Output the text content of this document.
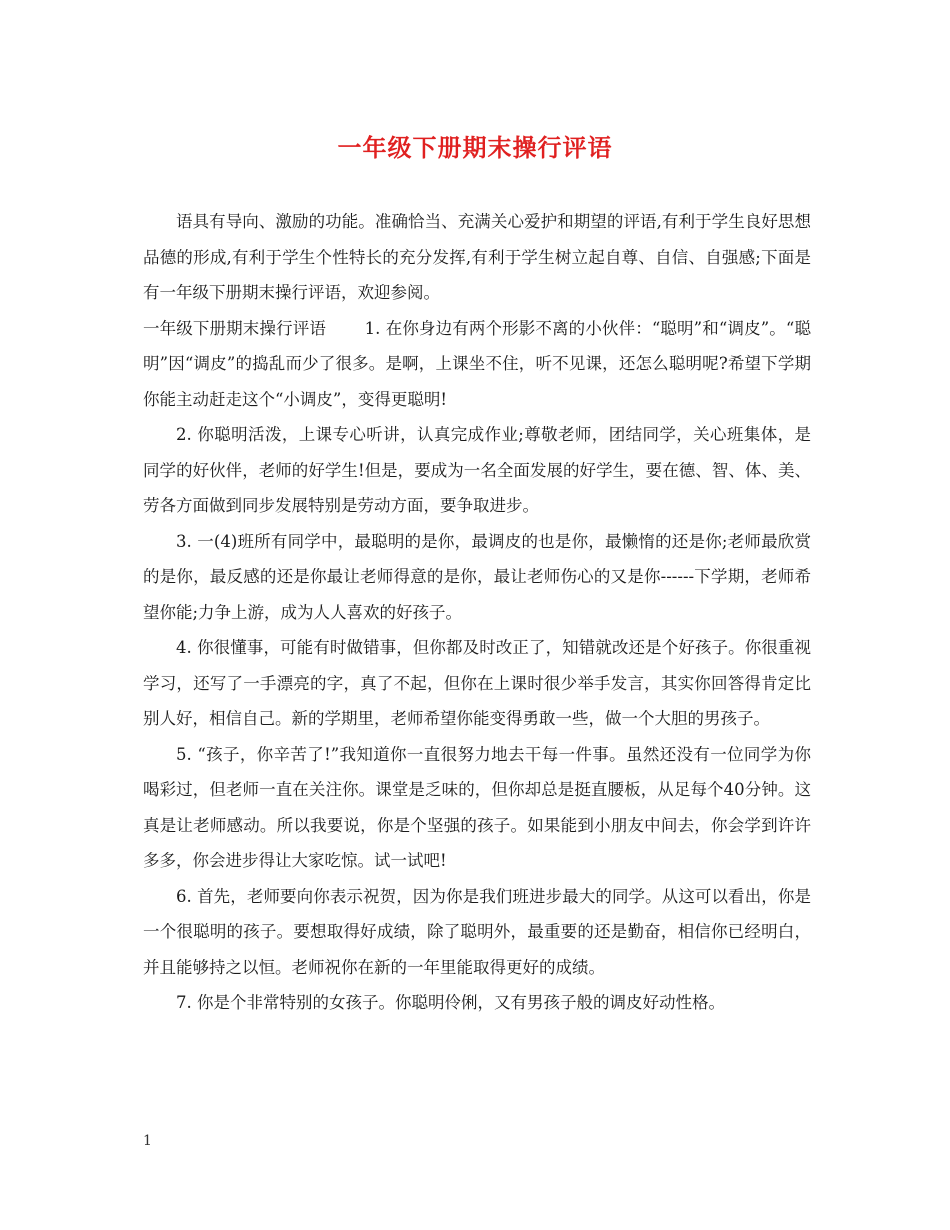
一年级下册期末操行评语

语具有导向、激励的功能。准确恰当、充满关心爱护和期望的评语,有利于学生良好思想品德的形成,有利于学生个性特长的充分发挥,有利于学生树立起自尊、自信、自强感;下面是有一年级下册期末操行评语，欢迎参阅。

一年级下册期末操行评语　　 1. 在你身边有两个形影不离的小伙伴：“聪明”和“调皮”。“聪明”因“调皮”的捣乱而少了很多。是啊，上课坐不住，听不见课，还怎么聪明呢?希望下学期你能主动赶走这个“小调皮”，变得更聪明!

2. 你聪明活泼，上课专心听讲，认真完成作业;尊敬老师，团结同学，关心班集体，是同学的好伙伴，老师的好学生!但是，要成为一名全面发展的好学生，要在德、智、体、美、劳各方面做到同步发展特别是劳动方面，要争取进步。

3. 一(4)班所有同学中，最聪明的是你，最调皮的也是你，最懒惰的还是你;老师最欣赏的是你，最反感的还是你最让老师得意的是你，最让老师伤心的又是你------下学期，老师希望你能;力争上游，成为人人喜欢的好孩子。

4. 你很懂事，可能有时做错事，但你都及时改正了，知错就改还是个好孩子。你很重视学习，还写了一手漂亮的字，真了不起，但你在上课时很少举手发言，其实你回答得肯定比别人好，相信自己。新的学期里，老师希望你能变得勇敢一些，做一个大胆的男孩子。

5. “孩子，你辛苦了!”我知道你一直很努力地去干每一件事。虽然还没有一位同学为你喝彩过，但老师一直在关注你。课堂是乏味的，但你却总是挺直腰板，从足每个40分钟。这真是让老师感动。所以我要说，你是个坚强的孩子。如果能到小朋友中间去，你会学到许许多多，你会进步得让大家吃惊。试一试吧!

6. 首先，老师要向你表示祝贺，因为你是我们班进步最大的同学。从这可以看出，你是一个很聪明的孩子。要想取得好成绩，除了聪明外，最重要的还是勤奋，相信你已经明白，并且能够持之以恒。老师祝你在新的一年里能取得更好的成绩。

7. 你是个非常特别的女孩子。你聪明伶俐，又有男孩子般的调皮好动性格。

1
